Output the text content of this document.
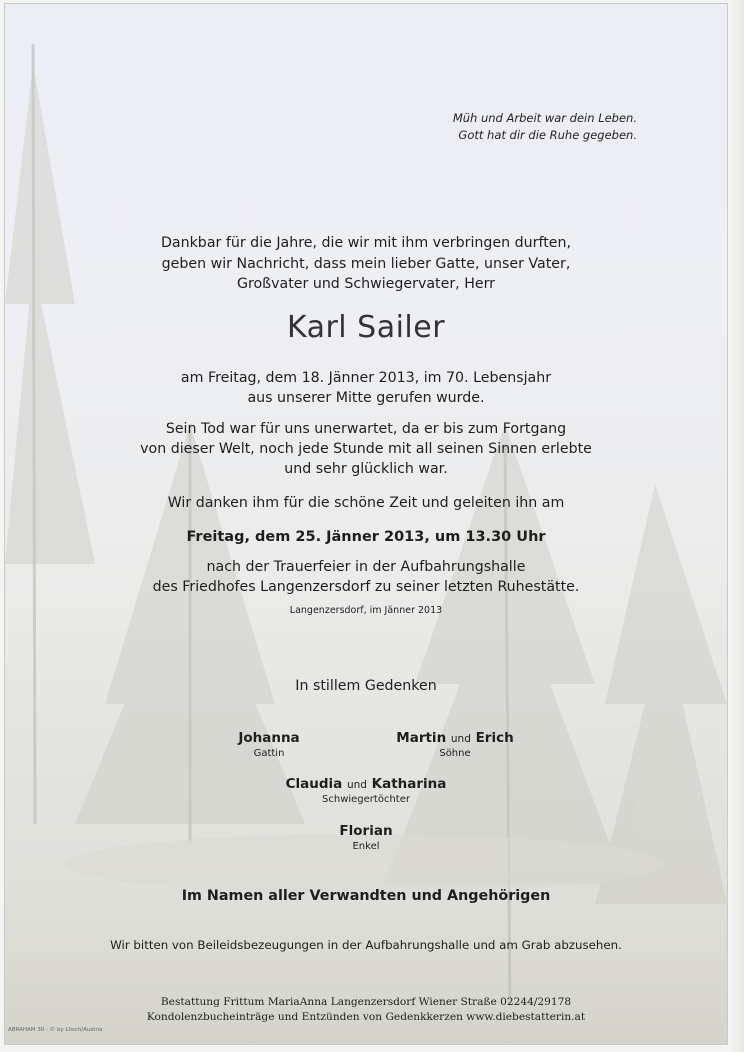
Müh und Arbeit war dein Leben.
Gott hat dir die Ruhe gegeben.
Dankbar für die Jahre, die wir mit ihm verbringen durften,
geben wir Nachricht, dass mein lieber Gatte, unser Vater,
Großvater und Schwiegervater, Herr
Karl Sailer
am Freitag, dem 18. Jänner 2013, im 70. Lebensjahr
aus unserer Mitte gerufen wurde.
Sein Tod war für uns unerwartet, da er bis zum Fortgang
von dieser Welt, noch jede Stunde mit all seinen Sinnen erlebte
und sehr glücklich war.
Wir danken ihm für die schöne Zeit und geleiten ihn am
Freitag, dem 25. Jänner 2013, um 13.30 Uhr
nach der Trauerfeier in der Aufbahrungshalle
des Friedhofes Langenzersdorf zu seiner letzten Ruhestätte.
Langenzersdorf, im Jänner 2013
In stillem Gedenken
Johanna
Gattin
Martin und Erich
Söhne
Claudia und Katharina
Schwiegertöchter
Florian
Enkel
Im Namen aller Verwandten und Angehörigen
Wir bitten von Beileidsbezeugungen in der Aufbahrungshalle und am Grab abzusehen.
Bestattung Frittum MariaAnna Langenzersdorf Wiener Straße 02244/29178
Kondolenzbucheinträge und Entzünden von Gedenkkerzen www.diebestatterin.at
ABRAHAM 30 - © by Lösch/Austria
